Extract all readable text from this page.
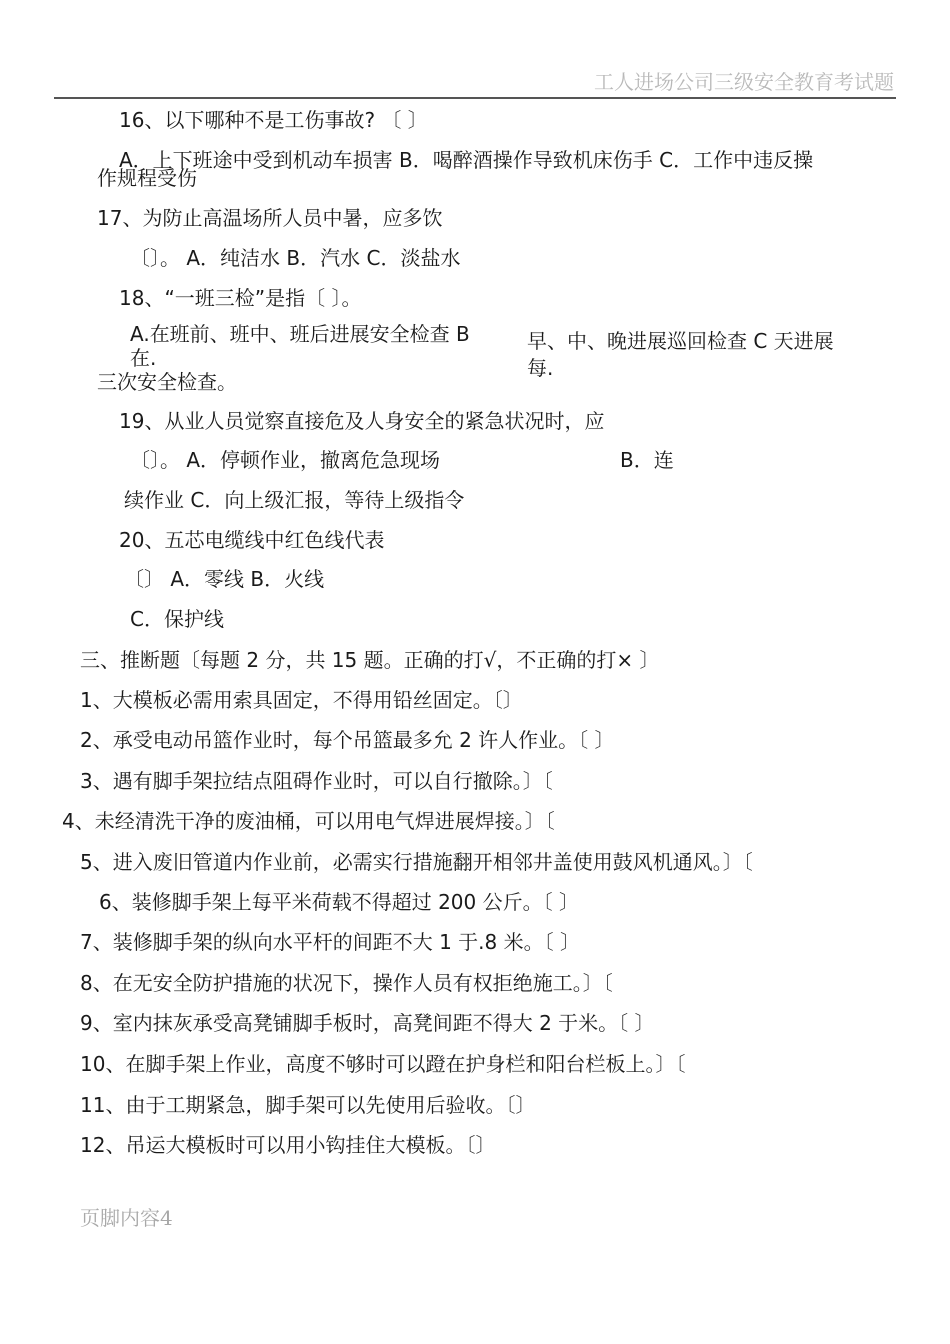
工人进场公司三级安全教育考试题
16、以下哪种不是工伤事故? 〔 〕
A．上下班途中受到机动车损害 B．喝醉酒操作导致机床伤手 C．工作中违反操
作规程受伤
17、为防止高温场所人员中暑，应多饮
〔〕。 A．纯洁水 B．汽水 C．淡盐水
18、“一班三检”是指〔 〕。
A.在班前、班中、班后进展安全检查 B
在.
早、中、晚进展巡回检查 C 天进展
每.
三次安全检查。
19、从业人员觉察直接危及人身安全的紧急状况时，应
〔〕。 A．停顿作业，撤离危急现场	B．连
续作业 C．向上级汇报，等待上级指令
20、五芯电缆线中红色线代表
〔〕 A．零线 B．火线
C．保护线
三、推断题〔每题 2 分，共 15 题。正确的打√，不正确的打× 〕
1、大模板必需用索具固定，不得用铅丝固定。〔〕
2、承受电动吊篮作业时，每个吊篮最多允 2 许人作业。〔 〕
3、遇有脚手架拉结点阻碍作业时，可以自行撤除。〕〔
4、未经清洗干净的废油桶，可以用电气焊进展焊接。〕〔
5、进入废旧管道内作业前，必需实行措施翻开相邻井盖使用鼓风机通风。〕〔
6、装修脚手架上每平米荷载不得超过 200 公斤。〔 〕
7、装修脚手架的纵向水平杆的间距不大 1 于.8 米。〔 〕
8、在无安全防护措施的状况下，操作人员有权拒绝施工。〕〔
9、室内抹灰承受高凳铺脚手板时，高凳间距不得大 2 于米。〔 〕
10、在脚手架上作业，高度不够时可以蹬在护身栏和阳台栏板上。〕〔
11、由于工期紧急，脚手架可以先使用后验收。〔〕
12、吊运大模板时可以用小钩挂住大模板。〔〕
页脚内容4
